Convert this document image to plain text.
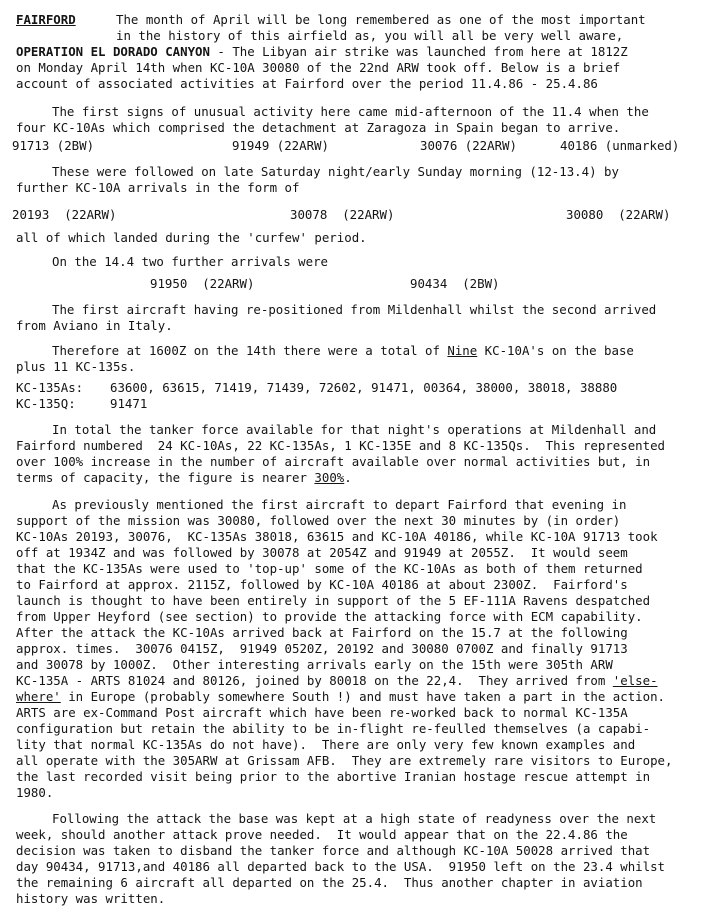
FAIRFORD	The month of April will be long remembered as one of the most important
in the history of this airfield as, you will all be very well aware,
OPERATION EL DORADO CANYON - The Libyan air strike was launched from here at 1812Z
on Monday April 14th when KC-10A 30080 of the 22nd ARW took off. Below is a brief
account of associated activities at Fairford over the period 11.4.86 - 25.4.86
The first signs of unusual activity here came mid-afternoon of the 11.4 when the
four KC-10As which comprised the detachment at Zaragoza in Spain began to arrive.
91713 (2BW)	91949 (22ARW)	30076 (22ARW)	40186 (unmarked)
These were followed on late Saturday night/early Sunday morning (12-13.4) by
further KC-10A arrivals in the form of
20193  (22ARW)	30078  (22ARW)	30080  (22ARW)
all of which landed during the 'curfew' period.
On the 14.4 two further arrivals were
91950  (22ARW)	90434  (2BW)
The first aircraft having re-positioned from Mildenhall whilst the second arrived
from Aviano in Italy.
Therefore at 1600Z on the 14th there were a total of Nine KC-10A's on the base
plus 11 KC-135s.
KC-135As: 63600, 63615, 71419, 71439, 72602, 91471, 00364, 38000, 38018, 38880
KC-135Q:	91471
In total the tanker force available for that night's operations at Mildenhall and
Fairford numbered  24 KC-10As, 22 KC-135As, 1 KC-135E and 8 KC-135Qs.  This represented
over 100% increase in the number of aircraft available over normal activities but, in
terms of capacity, the figure is nearer 300%.
As previously mentioned the first aircraft to depart Fairford that evening in
support of the mission was 30080, followed over the next 30 minutes by (in order)
KC-10As 20193, 30076,  KC-135As 38018, 63615 and KC-10A 40186, while KC-10A 91713 took
off at 1934Z and was followed by 30078 at 2054Z and 91949 at 2055Z.  It would seem
that the KC-135As were used to 'top-up' some of the KC-10As as both of them returned
to Fairford at approx. 2115Z, followed by KC-10A 40186 at about 2300Z.  Fairford's
launch is thought to have been entirely in support of the 5 EF-111A Ravens despatched
from Upper Heyford (see section) to provide the attacking force with ECM capability.
After the attack the KC-10As arrived back at Fairford on the 15.7 at the following
approx. times.  30076 0415Z,  91949 0520Z, 20192 and 30080 0700Z and finally 91713
and 30078 by 1000Z.  Other interesting arrivals early on the 15th were 305th ARW
KC-135A - ARTS 81024 and 80126, joined by 80018 on the 22,4.  They arrived from 'else-
where' in Europe (probably somewhere South !) and must have taken a part in the action.
ARTS are ex-Command Post aircraft which have been re-worked back to normal KC-135A
configuration but retain the ability to be in-flight re-feulled themselves (a capabi-
lity that normal KC-135As do not have).  There are only very few known examples and
all operate with the 305ARW at Grissam AFB.  They are extremely rare visitors to Europe,
the last recorded visit being prior to the abortive Iranian hostage rescue attempt in
1980.
Following the attack the base was kept at a high state of readyness over the next
week, should another attack prove needed.  It would appear that on the 22.4.86 the
decision was taken to disband the tanker force and although KC-10A 50028 arrived that
day 90434, 91713,and 40186 all departed back to the USA.  91950 left on the 23.4 whilst
the remaining 6 aircraft all departed on the 25.4.  Thus another chapter in aviation
history was written.
